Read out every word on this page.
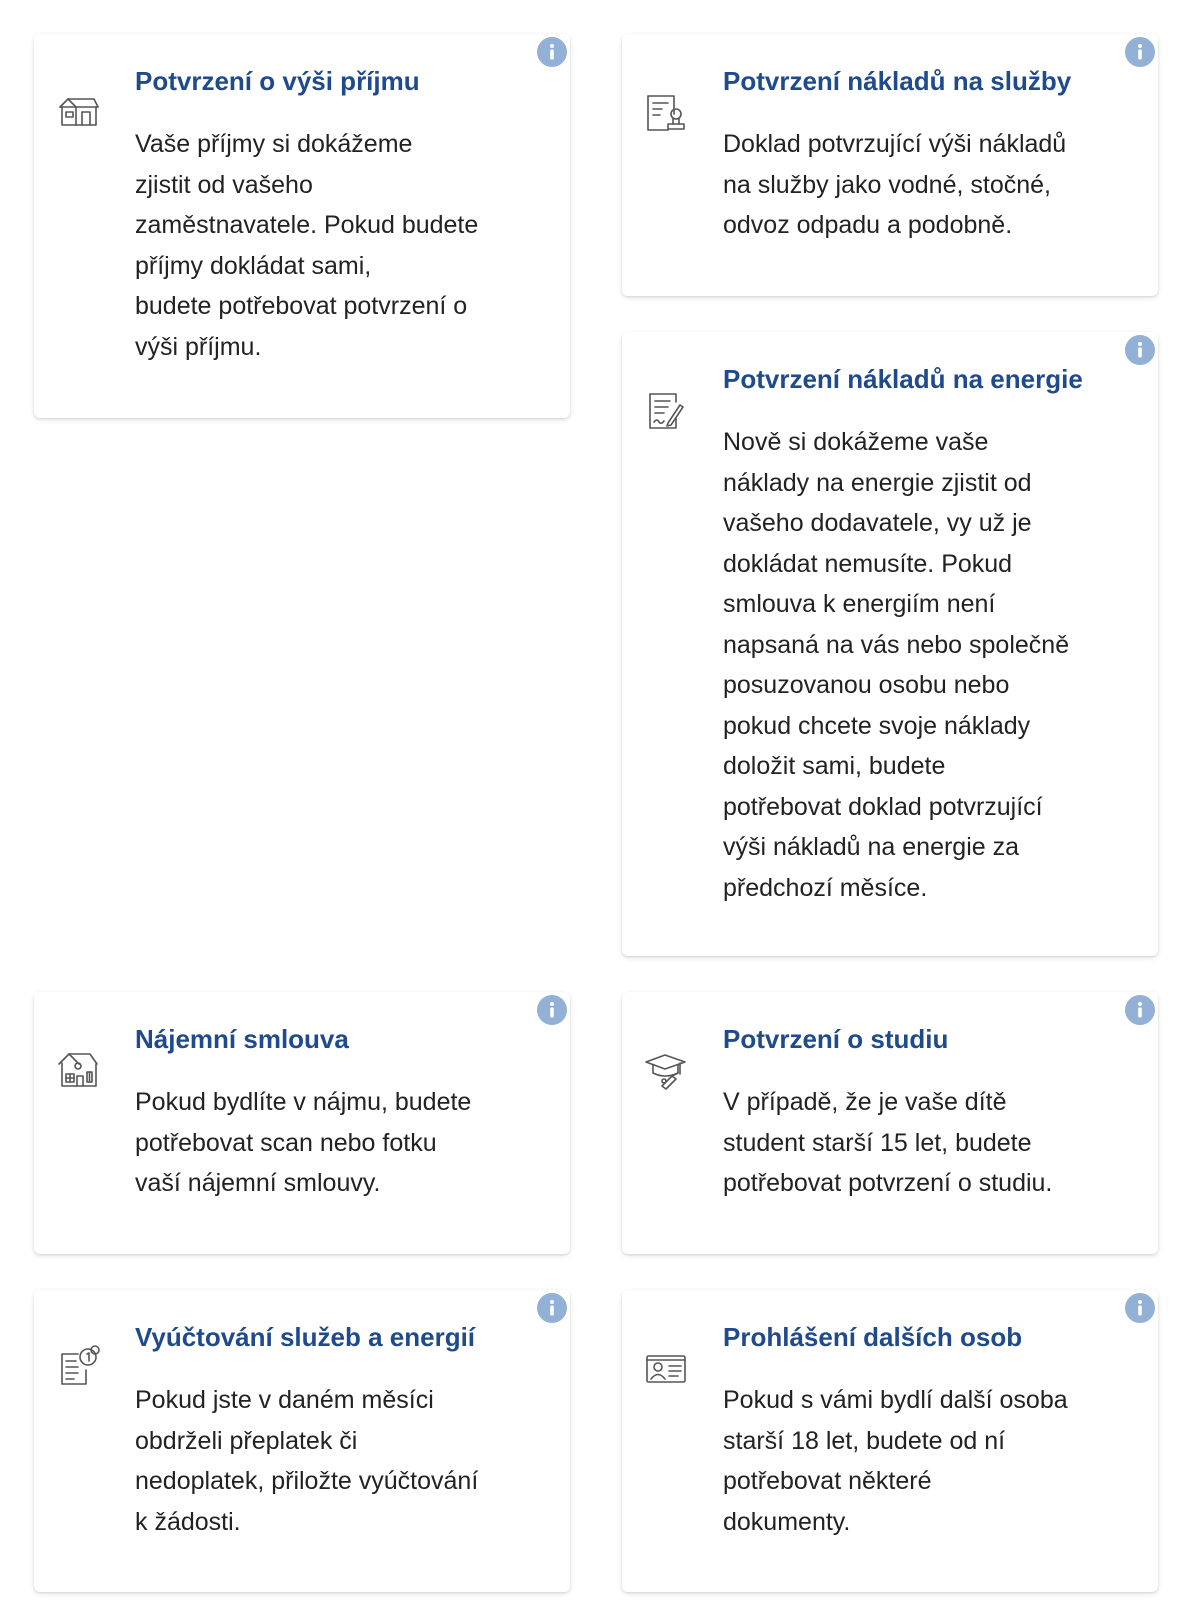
Potvrzení o výši příjmu

Vaše příjmy si dokážeme
zjistit od vašeho
zaměstnavatele. Pokud budete
příjmy dokládat sami,
budete potřebovat potvrzení o
výši příjmu.

Potvrzení nákladů na služby

Doklad potvrzující výši nákladů
na služby jako vodné, stočné,
odvoz odpadu a podobně.

Potvrzení nákladů na energie

Nově si dokážeme vaše
náklady na energie zjistit od
vašeho dodavatele, vy už je
dokládat nemusíte. Pokud
smlouva k energiím není
napsaná na vás nebo společně
posuzovanou osobu nebo
pokud chcete svoje náklady
doložit sami, budete
potřebovat doklad potvrzující
výši nákladů na energie za
předchozí měsíce.

Nájemní smlouva

Pokud bydlíte v nájmu, budete
potřebovat scan nebo fotku
vaší nájemní smlouvy.

Potvrzení o studiu

V případě, že je vaše dítě
student starší 15 let, budete
potřebovat potvrzení o studiu.

Vyúčtování služeb a energií

Pokud jste v daném měsíci
obdrželi přeplatek či
nedoplatek, přiložte vyúčtování
k žádosti.

Prohlášení dalších osob

Pokud s vámi bydlí další osoba
starší 18 let, budete od ní
potřebovat některé
dokumenty.
